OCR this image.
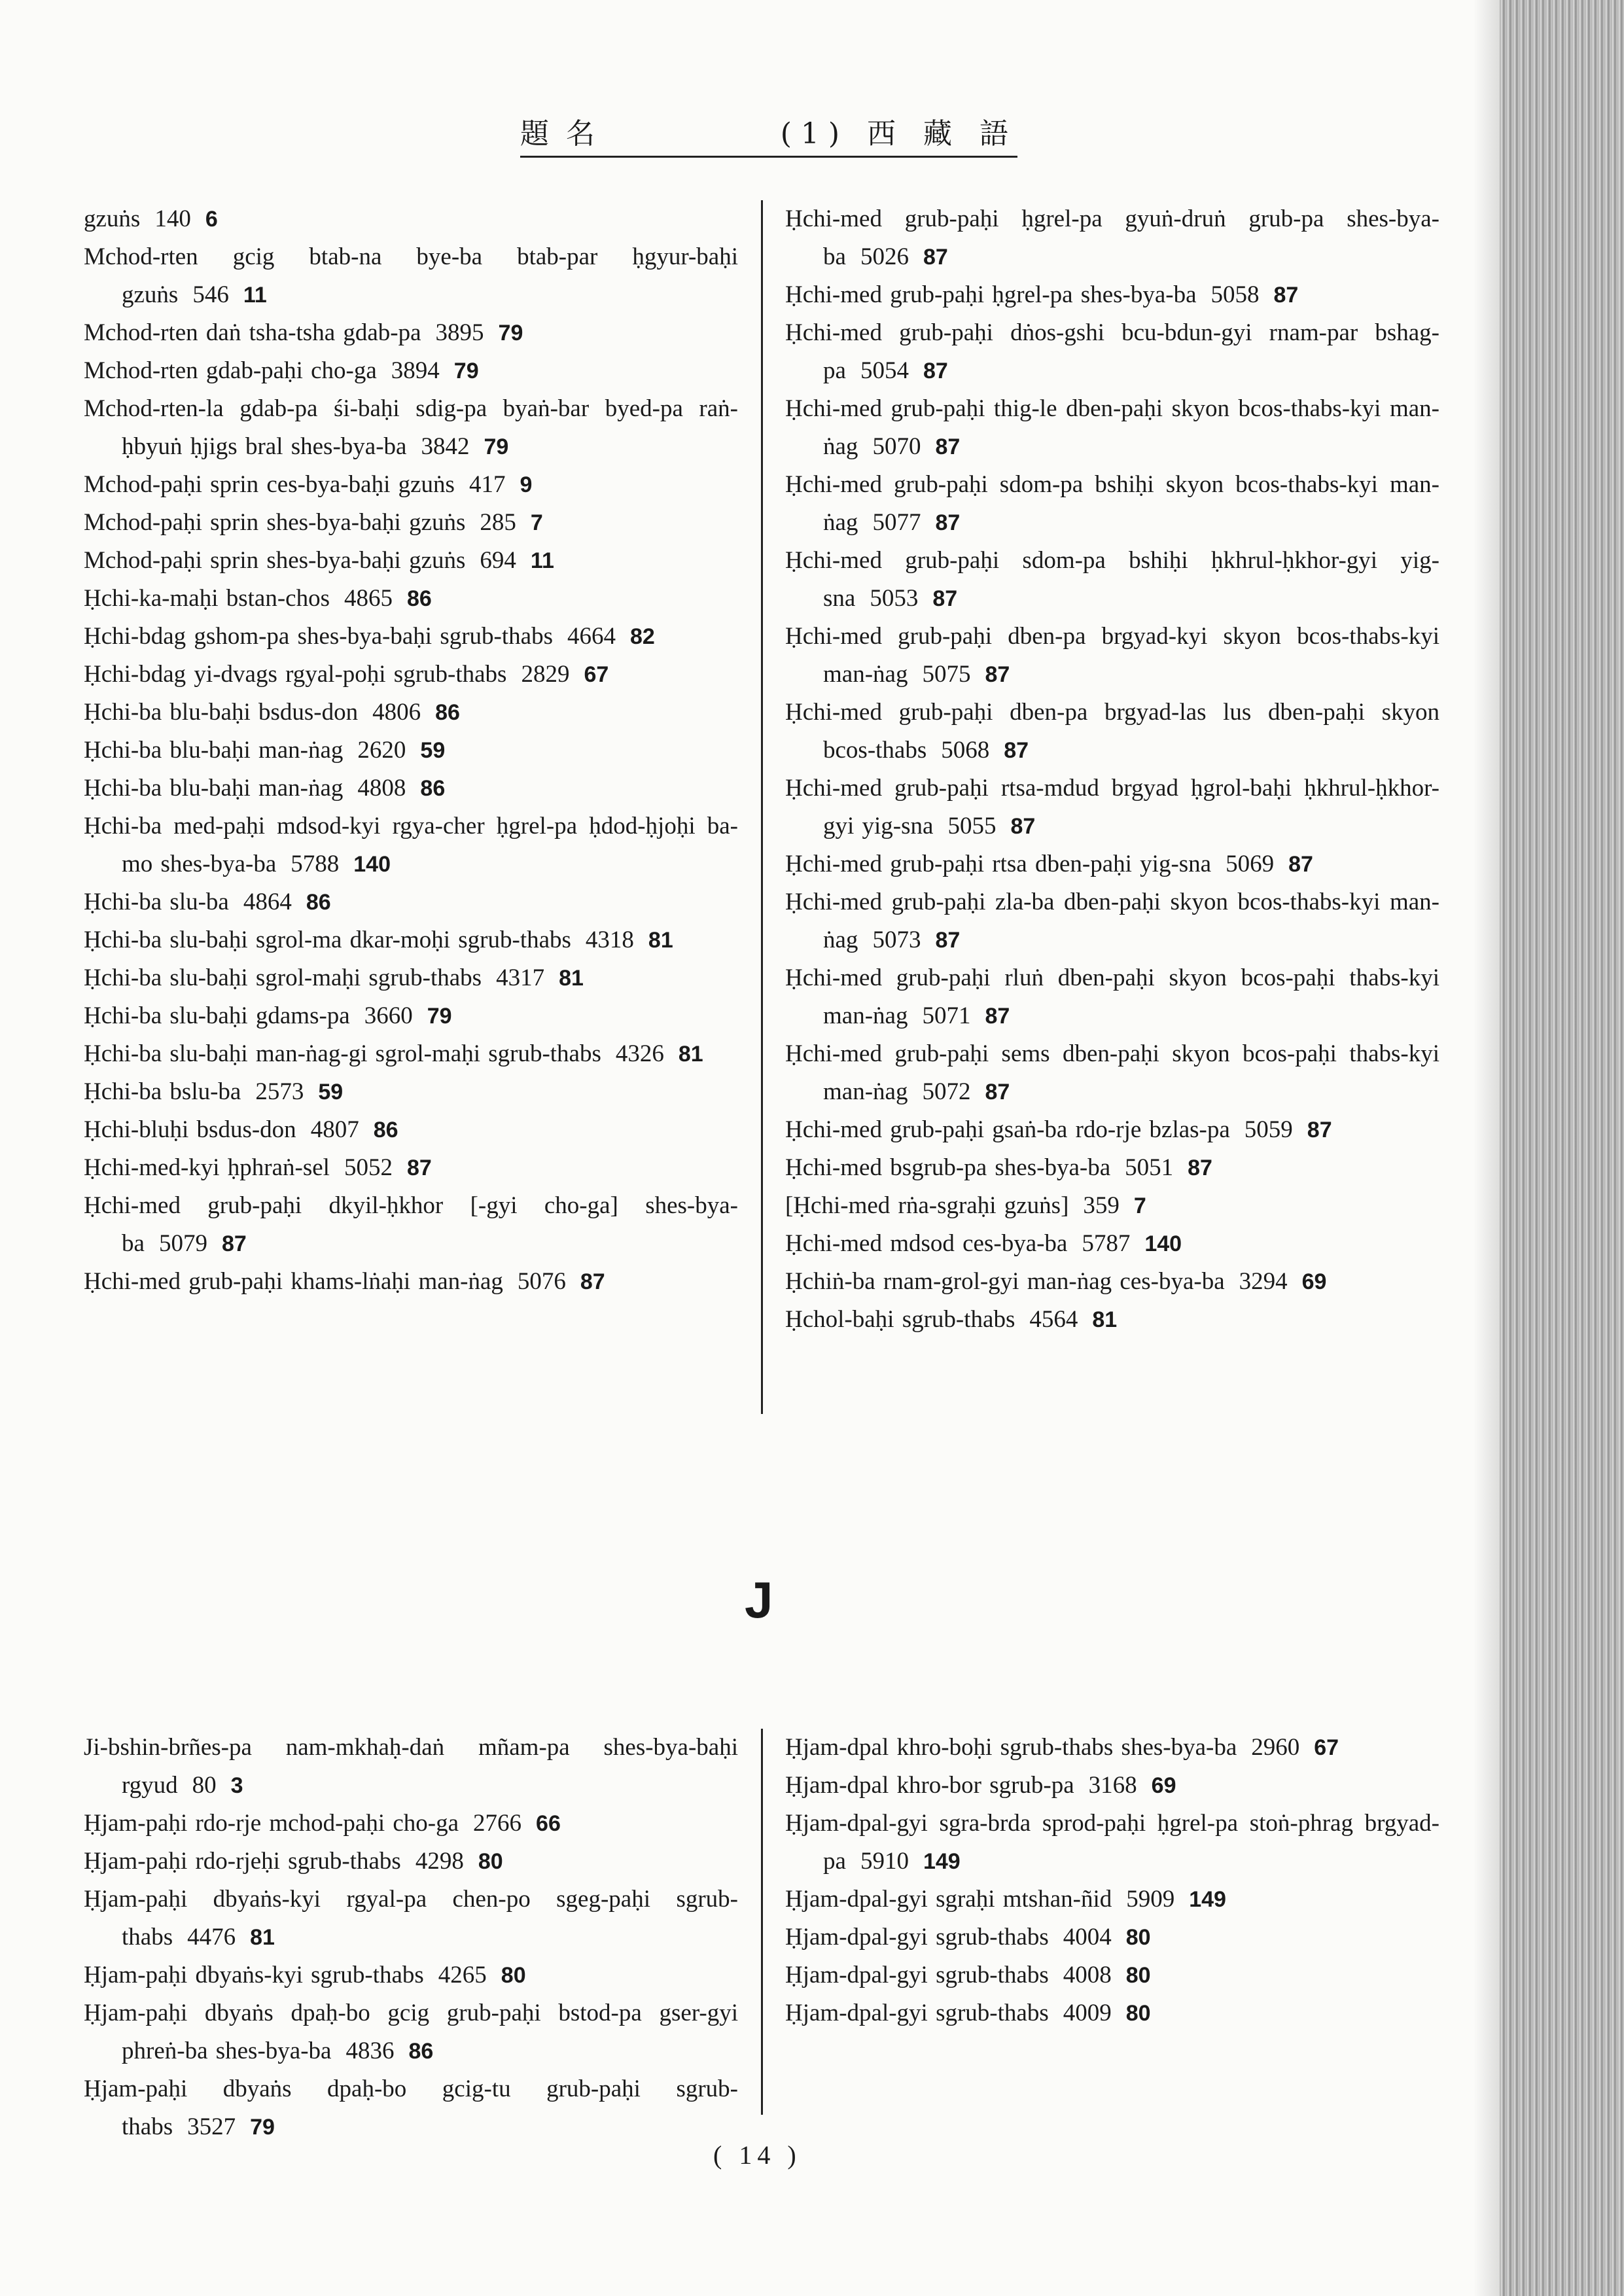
題 名	(1) 西 藏 語
gzuṅs 140 6
Mchod-rten gcig btab-na bye-ba btab-par ḥgyur-baḥi gzuṅs 546 11
Mchod-rten daṅ tsha-tsha gdab-pa 3895 79
Mchod-rten gdab-paḥi cho-ga 3894 79
Mchod-rten-la gdab-pa śi-baḥi sdig-pa byaṅ-bar byed-pa raṅ-ḥbyuṅ ḥjigs bral shes-bya-ba 3842 79
Mchod-paḥi sprin ces-bya-baḥi gzuṅs 417 9
Mchod-paḥi sprin shes-bya-baḥi gzuṅs 285 7
Mchod-paḥi sprin shes-bya-baḥi gzuṅs 694 11
Ḥchi-ka-maḥi bstan-chos 4865 86
Ḥchi-bdag gshom-pa shes-bya-baḥi sgrub-thabs 4664 82
Ḥchi-bdag yi-dvags rgyal-poḥi sgrub-thabs 2829 67
Ḥchi-ba blu-baḥi bsdus-don 4806 86
Ḥchi-ba blu-baḥi man-ṅag 2620 59
Ḥchi-ba blu-baḥi man-ṅag 4808 86
Ḥchi-ba med-paḥi mdsod-kyi rgya-cher ḥgrel-pa ḥdod-ḥjoḥi ba-mo shes-bya-ba 5788 140
Ḥchi-ba slu-ba 4864 86
Ḥchi-ba slu-baḥi sgrol-ma dkar-moḥi sgrub-thabs 4318 81
Ḥchi-ba slu-baḥi sgrol-maḥi sgrub-thabs 4317 81
Ḥchi-ba slu-baḥi gdams-pa 3660 79
Ḥchi-ba slu-baḥi man-ṅag-gi sgrol-maḥi sgrub-thabs 4326 81
Ḥchi-ba bslu-ba 2573 59
Ḥchi-bluḥi bsdus-don 4807 86
Ḥchi-med-kyi ḥphraṅ-sel 5052 87
Ḥchi-med grub-paḥi dkyil-ḥkhor [-gyi cho-ga] shes-bya-ba 5079 87
Ḥchi-med grub-paḥi khams-lṅaḥi man-ṅag 5076 87
Ḥchi-med grub-paḥi ḥgrel-pa gyuṅ-druṅ grub-pa shes-bya-ba 5026 87
Ḥchi-med grub-paḥi ḥgrel-pa shes-bya-ba 5058 87
Ḥchi-med grub-paḥi dṅos-gshi bcu-bdun-gyi rnam-par bshag-pa 5054 87
Ḥchi-med grub-paḥi thig-le dben-paḥi skyon bcos-thabs-kyi man-ṅag 5070 87
Ḥchi-med grub-paḥi sdom-pa bshiḥi skyon bcos-thabs-kyi man-ṅag 5077 87
Ḥchi-med grub-paḥi sdom-pa bshiḥi ḥkhrul-ḥkhor-gyi yig-sna 5053 87
Ḥchi-med grub-paḥi dben-pa brgyad-kyi skyon bcos-thabs-kyi man-ṅag 5075 87
Ḥchi-med grub-paḥi dben-pa brgyad-las lus dben-paḥi skyon bcos-thabs 5068 87
Ḥchi-med grub-paḥi rtsa-mdud brgyad ḥgrol-baḥi ḥkhrul-ḥkhor-gyi yig-sna 5055 87
Ḥchi-med grub-paḥi rtsa dben-paḥi yig-sna 5069 87
Ḥchi-med grub-paḥi zla-ba dben-paḥi skyon bcos-thabs-kyi man-ṅag 5073 87
Ḥchi-med grub-paḥi rluṅ dben-paḥi skyon bcos-paḥi thabs-kyi man-ṅag 5071 87
Ḥchi-med grub-paḥi sems dben-paḥi skyon bcos-paḥi thabs-kyi man-ṅag 5072 87
Ḥchi-med grub-paḥi gsaṅ-ba rdo-rje bzlas-pa 5059 87
Ḥchi-med bsgrub-pa shes-bya-ba 5051 87
[Ḥchi-med rṅa-sgraḥi gzuṅs] 359 7
Ḥchi-med mdsod ces-bya-ba 5787 140
Ḥchiṅ-ba rnam-grol-gyi man-ṅag ces-bya-ba 3294 69
Ḥchol-baḥi sgrub-thabs 4564 81
J
Ji-bshin-brñes-pa nam-mkhaḥ-daṅ mñam-pa shes-bya-baḥi rgyud 80 3
Ḥjam-paḥi rdo-rje mchod-paḥi cho-ga 2766 66
Ḥjam-paḥi rdo-rjeḥi sgrub-thabs 4298 80
Ḥjam-paḥi dbyaṅs-kyi rgyal-pa chen-po sgeg-paḥi sgrub-thabs 4476 81
Ḥjam-paḥi dbyaṅs-kyi sgrub-thabs 4265 80
Ḥjam-paḥi dbyaṅs dpaḥ-bo gcig grub-paḥi bstod-pa gser-gyi phreṅ-ba shes-bya-ba 4836 86
Ḥjam-paḥi dbyaṅs dpaḥ-bo gcig-tu grub-paḥi sgrub-thabs 3527 79
Ḥjam-dpal khro-boḥi sgrub-thabs shes-bya-ba 2960 67
Ḥjam-dpal khro-bor sgrub-pa 3168 69
Ḥjam-dpal-gyi sgra-brda sprod-paḥi ḥgrel-pa stoṅ-phrag brgyad-pa 5910 149
Ḥjam-dpal-gyi sgraḥi mtshan-ñid 5909 149
Ḥjam-dpal-gyi sgrub-thabs 4004 80
Ḥjam-dpal-gyi sgrub-thabs 4008 80
Ḥjam-dpal-gyi sgrub-thabs 4009 80
( 14 )
